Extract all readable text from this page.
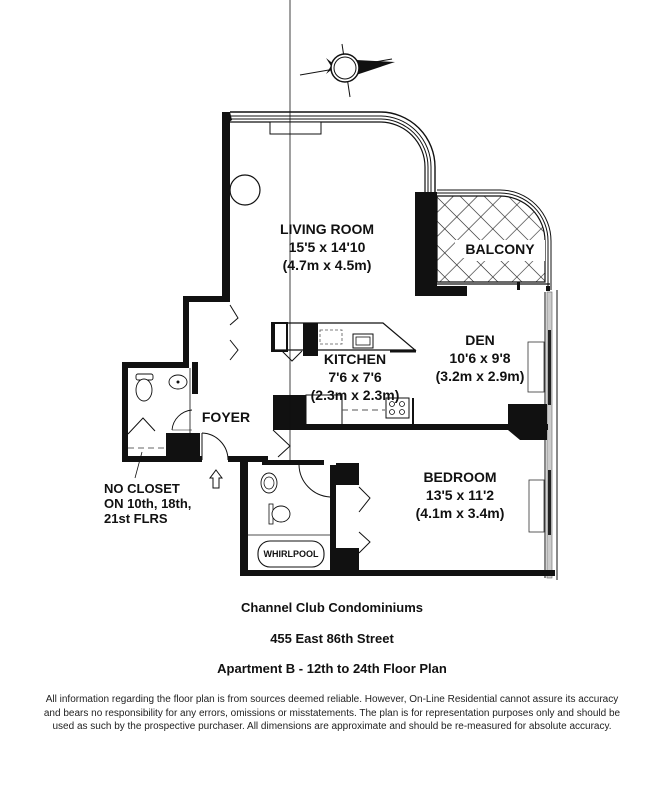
LIVING ROOM
15'5 x 14'10
(4.7m x 4.5m)
BALCONY
KITCHEN
7'6 x 7'6
(2.3m x 2.3m)
DEN
10'6 x 9'8
(3.2m x 2.9m)
FOYER
BEDROOM
13'5 x 11'2
(4.1m x 3.4m)
WHIRLPOOL
NO CLOSET
ON 10th, 18th,
21st FLRS
Channel Club Condominiums
455 East 86th Street
Apartment B - 12th to 24th Floor Plan
All information regarding the floor plan is from sources deemed reliable. However, On-Line Residential cannot assure its accuracy
and bears no responsibility for any errors, omissions or misstatements. The plan is for representation purposes only and should be
used as such by the prospective purchaser. All dimensions are approximate and should be re-measured for absolute accuracy.
